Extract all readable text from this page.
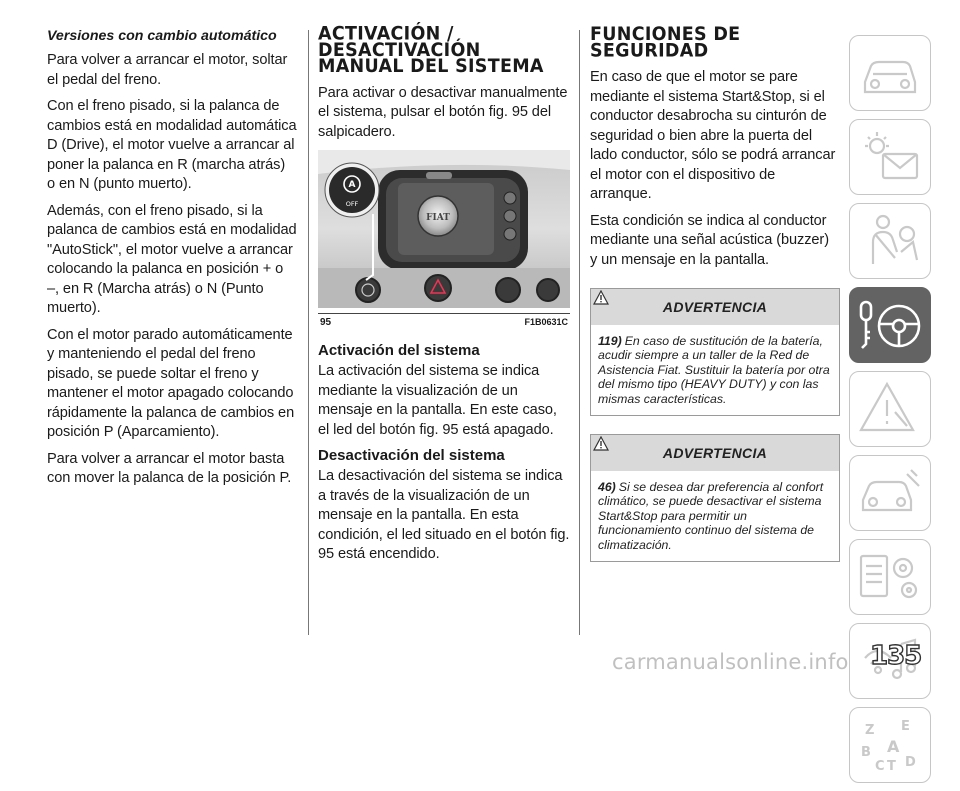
Versiones con cambio automático

Para volver a arrancar el motor, soltar el pedal del freno.

Con el freno pisado, si la palanca de cambios está en modalidad automática D (Drive), el motor vuelve a arrancar al poner la palanca en R (marcha atrás) o en N (punto muerto).

Además, con el freno pisado, si la palanca de cambios está en modalidad "AutoStick", el motor vuelve a arrancar colocando la palanca en posición + o –, en R (Marcha atrás) o N (Punto muerto).

Con el motor parado automáticamente y manteniendo el pedal del freno pisado, se puede soltar el freno y mantener el motor apagado colocando rápidamente la palanca de cambios en posición P (Aparcamiento).

Para volver a arrancar el motor basta con mover la palanca de la posición P.

ACTIVACIÓN /
DESACTIVACIÓN
MANUAL DEL SISTEMA

Para activar o desactivar manualmente el sistema, pulsar el botón fig. 95 del salpicadero.

FIAT
A
OFF
95	F1B0631C
Activación del sistema

La activación del sistema se indica mediante la visualización de un mensaje en la pantalla. En este caso, el led del botón fig. 95 está apagado.

Desactivación del sistema

La desactivación del sistema se indica a través de la visualización de un mensaje en la pantalla. En esta condición, el led situado en el botón fig. 95 está encendido.

FUNCIONES DE
SEGURIDAD

En caso de que el motor se pare mediante el sistema Start&Stop, si el conductor desabrocha su cinturón de seguridad o bien abre la puerta del lado conductor, sólo se podrá arrancar el motor con el dispositivo de arranque.

Esta condición se indica al conductor mediante una señal acústica (buzzer) y un mensaje en la pantalla.

ADVERTENCIA
119) En caso de sustitución de la batería, acudir siempre a un taller de la Red de Asistencia Fiat. Sustituir la batería por otra del mismo tipo (HEAVY DUTY) y con las mismas características.
ADVERTENCIA
46) Si se desea dar preferencia al confort climático, se puede desactivar el sistema Start&Stop para permitir un funcionamiento continuo del sistema de climatización.
Z E
B A
C T D
135
carmanualsonline.info
